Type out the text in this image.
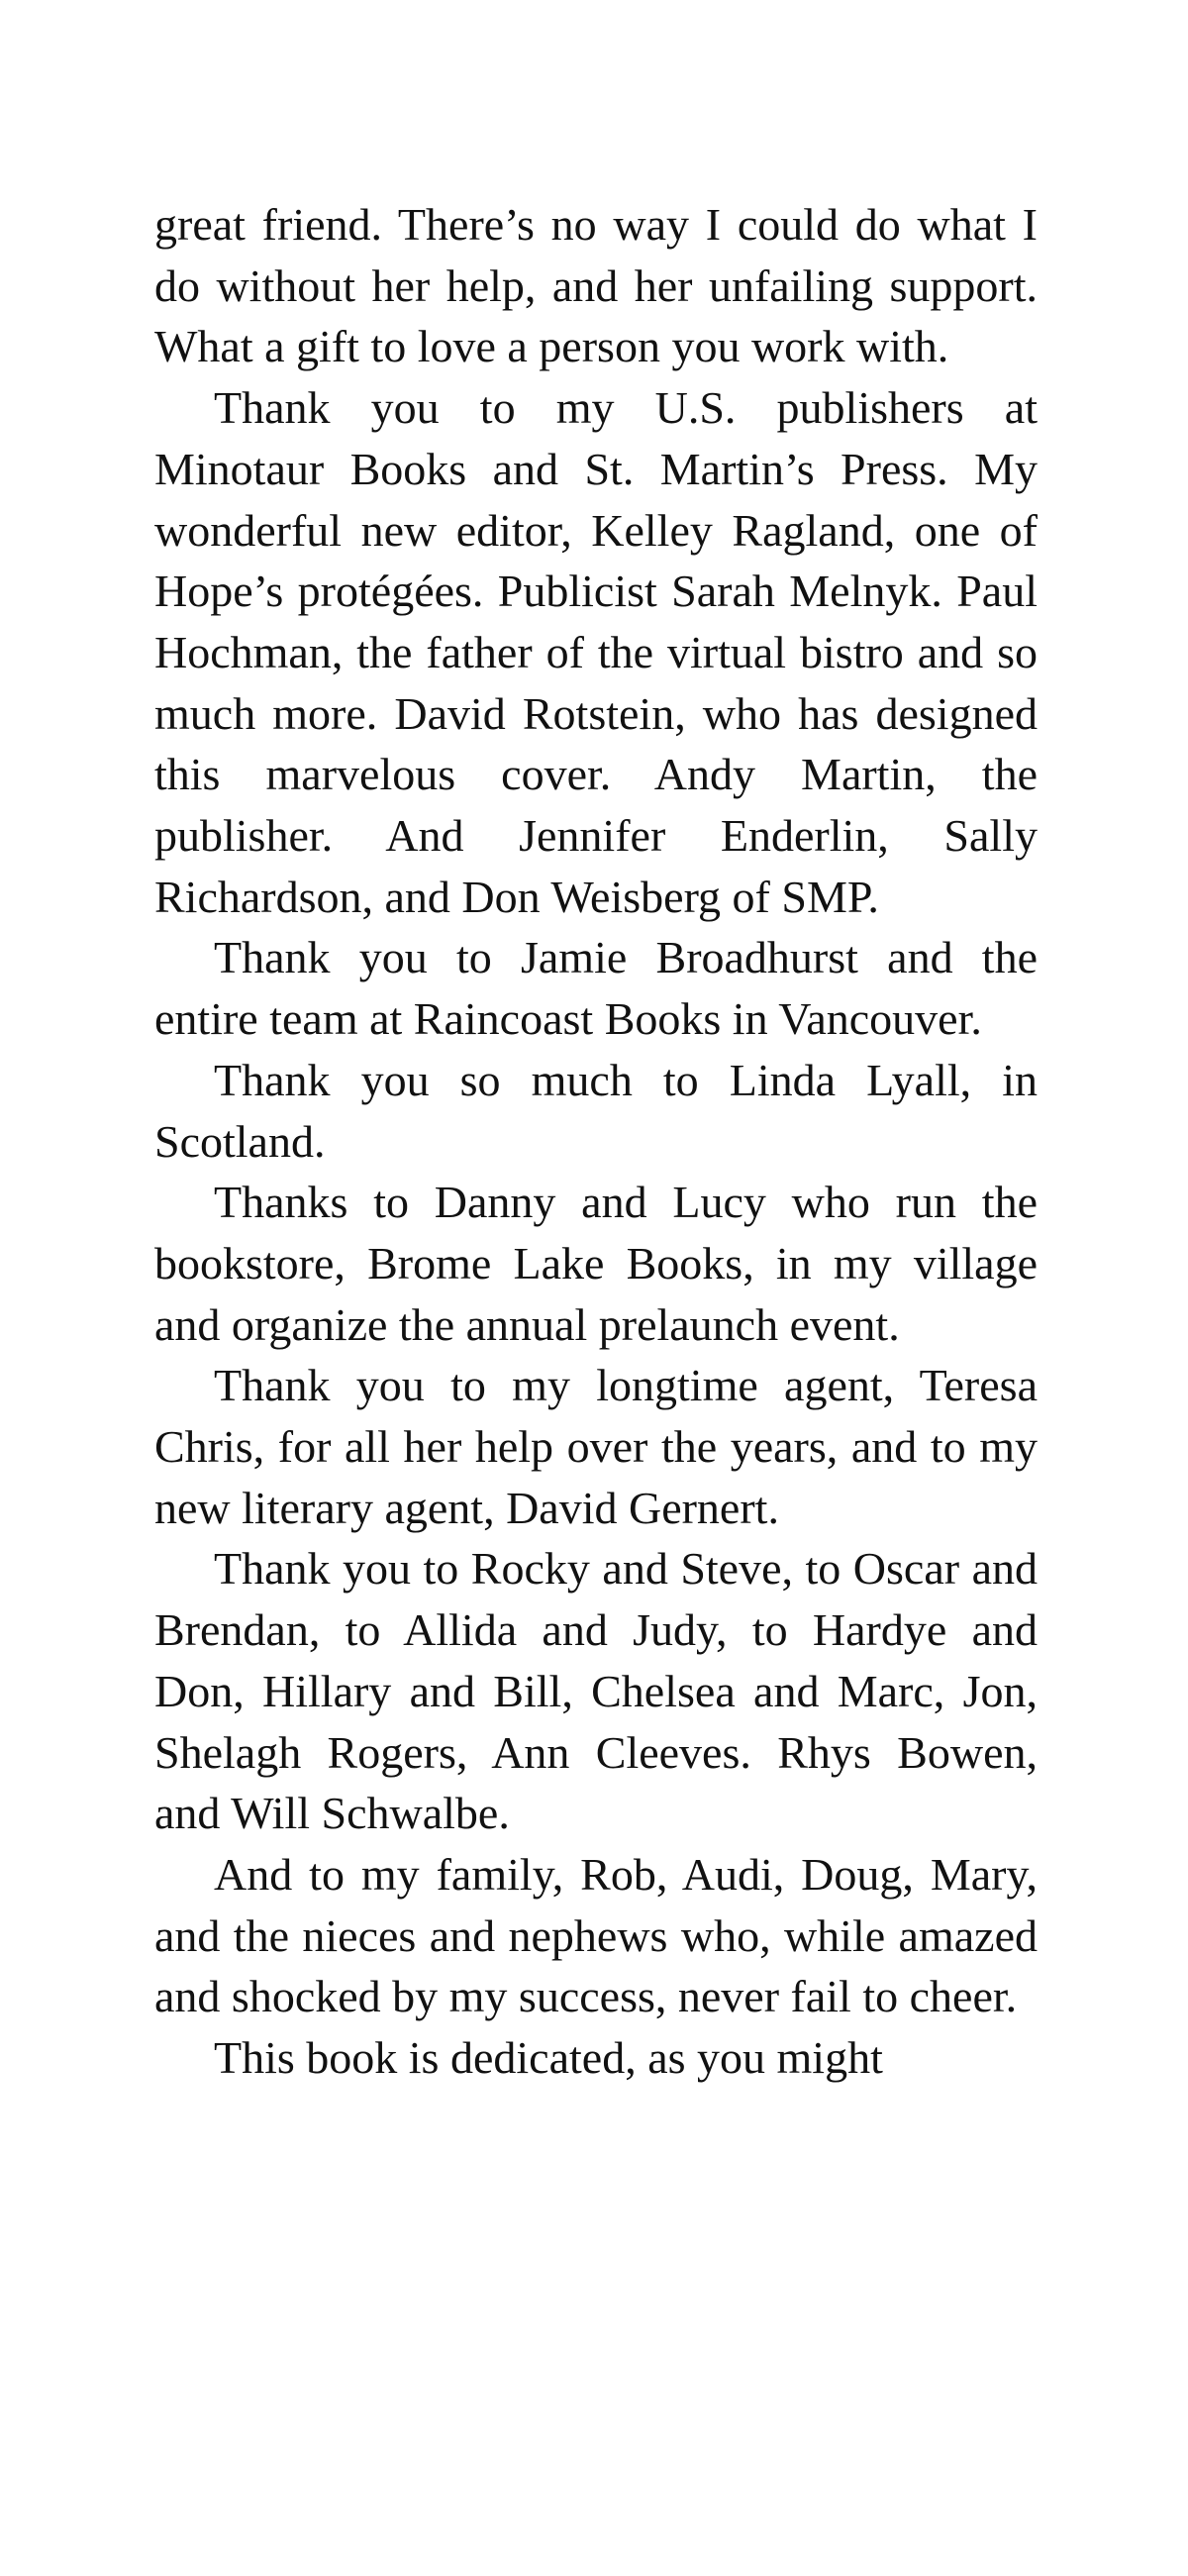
great friend. There’s no way I could do what I do without her help, and her unfailing support. What a gift to love a person you work with.

Thank you to my U.S. publishers at Minotaur Books and St. Martin’s Press. My wonderful new editor, Kelley Ragland, one of Hope’s protégées. Publicist Sarah Melnyk. Paul Hochman, the father of the virtual bistro and so much more. David Rotstein, who has designed this marvelous cover. Andy Martin, the publisher. And Jennifer Enderlin, Sally Richardson, and Don Weisberg of SMP.

Thank you to Jamie Broadhurst and the entire team at Raincoast Books in Vancouver.

Thank you so much to Linda Lyall, in Scotland.

Thanks to Danny and Lucy who run the bookstore, Brome Lake Books, in my village and organize the annual prelaunch event.

Thank you to my longtime agent, Teresa Chris, for all her help over the years, and to my new literary agent, David Gernert.

Thank you to Rocky and Steve, to Oscar and Brendan, to Allida and Judy, to Hardye and Don, Hillary and Bill, Chelsea and Marc, Jon, Shelagh Rogers, Ann Cleeves. Rhys Bowen, and Will Schwalbe.

And to my family, Rob, Audi, Doug, Mary, and the nieces and nephews who, while amazed and shocked by my success, never fail to cheer.

This book is dedicated, as you might
